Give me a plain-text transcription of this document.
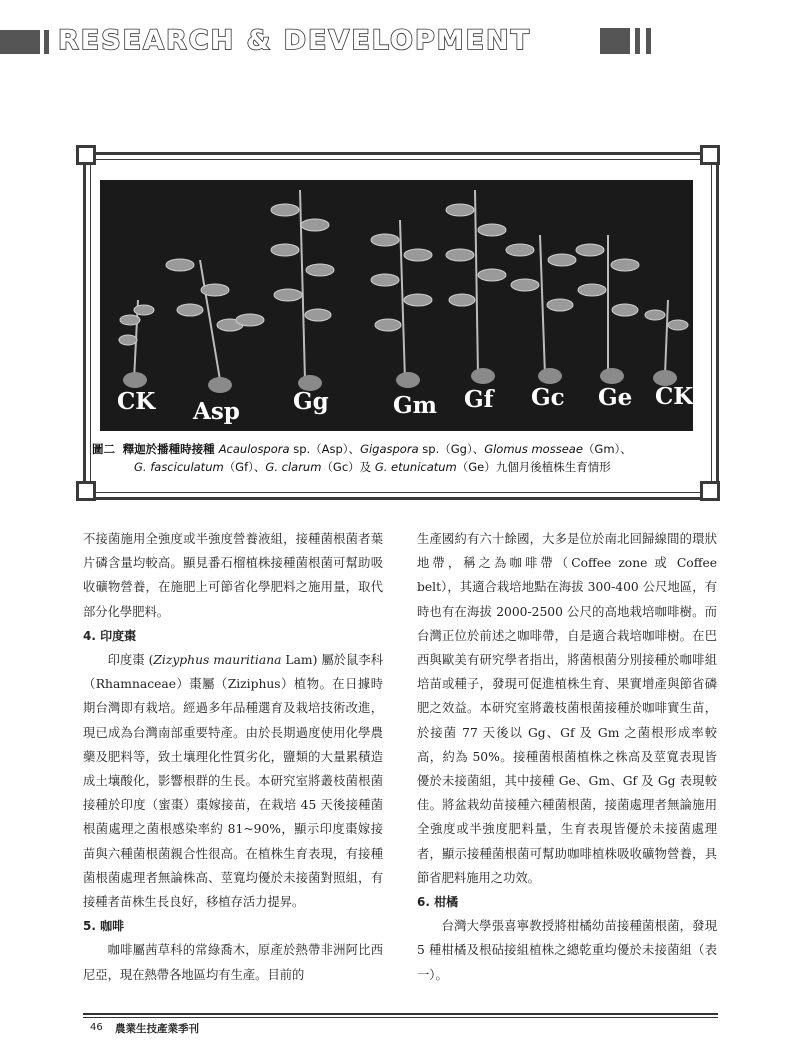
RESEARCH & DEVELOPMENT
CK Asp Gg	Gm Gf Gc Ge CK
圖二 釋迦於播種時接種 Acaulospora sp.（Asp）、Gigaspora sp.（Gg）、Glomus mosseae（Gm）、
G. fasciculatum（Gf）、G. clarum（Gc）及 G. etunicatum（Ge）九個月後植株生育情形

不接菌施用全強度或半強度營養液組，接種菌根菌者葉片磷含量均較高。顯見番石榴植株接種菌根菌可幫助吸收礦物營養，在施肥上可節省化學肥料之施用量，取代部分化學肥料。

4. 印度棗

印度棗 (Zizyphus mauritiana Lam) 屬於鼠李科（Rhamnaceae）棗屬（Ziziphus）植物。在日據時期台灣即有栽培。經過多年品種選育及栽培技術改進，現已成為台灣南部重要特產。由於長期過度使用化學農藥及肥料等，致土壤理化性質劣化，鹽類的大量累積造成土壤酸化，影響根群的生長。本研究室將叢枝菌根菌接種於印度（蜜棗）棗嫁接苗，在栽培 45 天後接種菌根菌處理之菌根感染率約 81~90%，顯示印度棗嫁接苗與六種菌根菌親合性很高。在植株生育表現，有接種菌根菌處理者無論株高、莖寬均優於未接菌對照組，有接種者苗株生長良好，移植存活力提昇。

5. 咖啡

咖啡屬茜草科的常綠喬木，原產於熱帶非洲阿比西尼亞，現在熱帶各地區均有生產。目前的

生產國約有六十餘國，大多是位於南北回歸線間的環狀地帶，稱之為咖啡帶（Coffee zone 或 Coffee belt），其適合栽培地點在海拔 300-400 公尺地區，有時也有在海拔 2000-2500 公尺的高地栽培咖啡樹。而台灣正位於前述之咖啡帶，自是適合栽培咖啡樹。在巴西與歐美有研究學者指出，將菌根菌分別接種於咖啡組培苗或種子，發現可促進植株生育、果實增產與節省磷肥之效益。本研究室將叢枝菌根菌接種於咖啡實生苗，於接菌 77 天後以 Gg、Gf 及 Gm 之菌根形成率較高，約為 50%。接種菌根菌植株之株高及莖寬表現皆優於未接菌組，其中接種 Ge、Gm、Gf 及 Gg 表現較佳。將盆栽幼苗接種六種菌根菌，接菌處理者無論施用全強度或半強度肥料量，生育表現皆優於未接菌處理者，顯示接種菌根菌可幫助咖啡植株吸收礦物營養，具節省肥料施用之功效。

6. 柑橘

台灣大學張喜寧教授將柑橘幼苗接種菌根菌，發現 5 種柑橘及根砧接組植株之總乾重均優於未接菌組（表一）。

46 農業生技產業季刊
